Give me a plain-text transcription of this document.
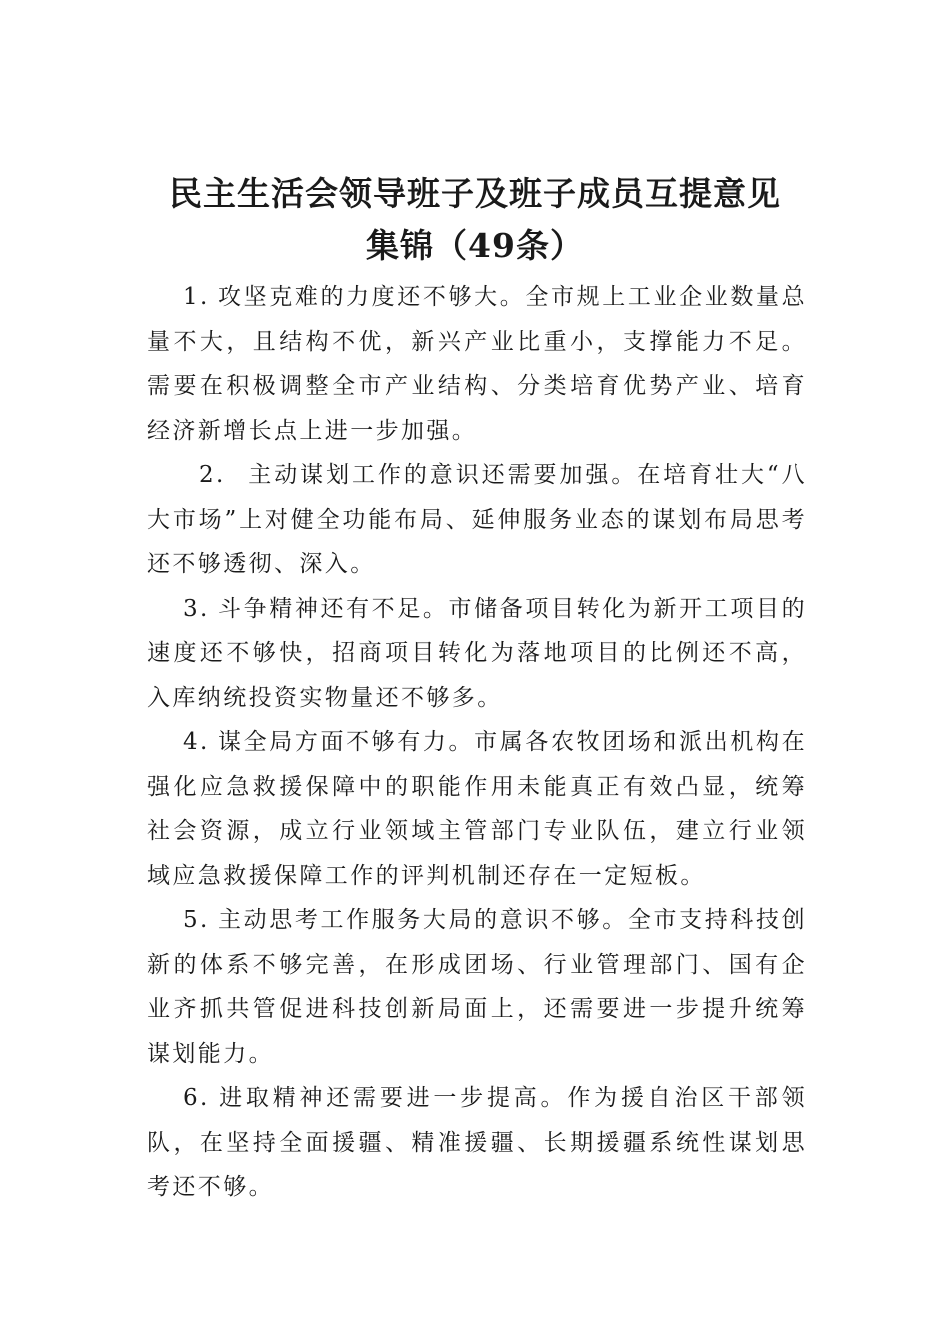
民主生活会领导班子及班子成员互提意见
集锦（49条）

1. 攻坚克难的力度还不够大。全市规上工业企业数量总量不大，且结构不优，新兴产业比重小，支撑能力不足。需要在积极调整全市产业结构、分类培育优势产业、培育经济新增长点上进一步加强。

2. 主动谋划工作的意识还需要加强。在培育壮大“八大市场”上对健全功能布局、延伸服务业态的谋划布局思考还不够透彻、深入。

3. 斗争精神还有不足。市储备项目转化为新开工项目的速度还不够快，招商项目转化为落地项目的比例还不高，入库纳统投资实物量还不够多。

4. 谋全局方面不够有力。市属各农牧团场和派出机构在强化应急救援保障中的职能作用未能真正有效凸显，统筹社会资源，成立行业领域主管部门专业队伍，建立行业领域应急救援保障工作的评判机制还存在一定短板。

5. 主动思考工作服务大局的意识不够。全市支持科技创新的体系不够完善，在形成团场、行业管理部门、国有企业齐抓共管促进科技创新局面上，还需要进一步提升统筹谋划能力。

6. 进取精神还需要进一步提高。作为援自治区干部领队，在坚持全面援疆、精准援疆、长期援疆系统性谋划思考还不够。
